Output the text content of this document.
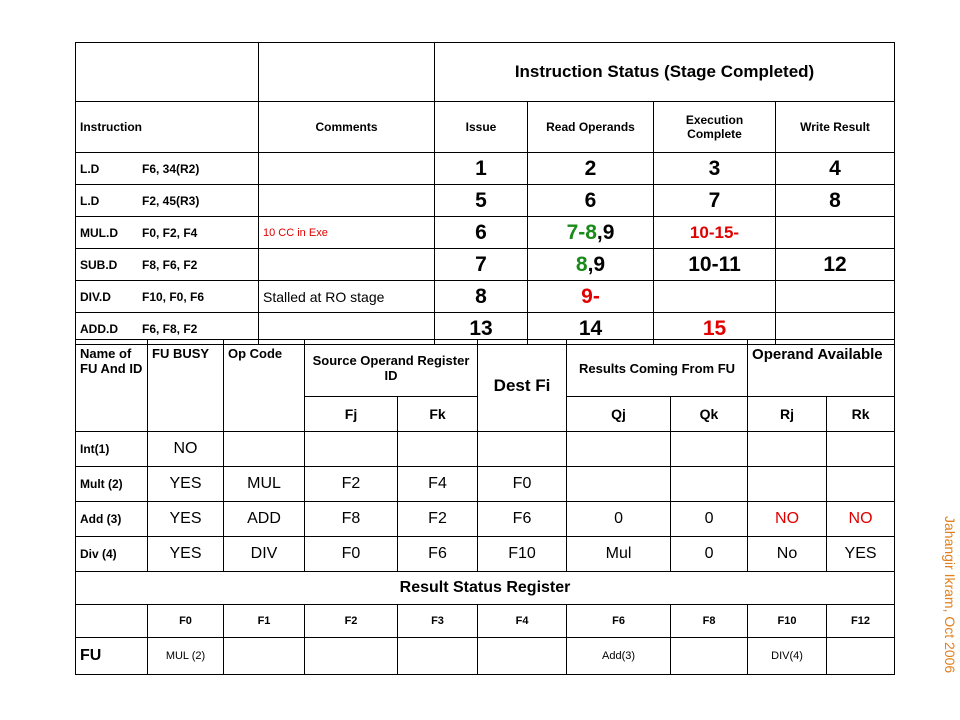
		Instruction Status (Stage Completed)			
Instruction	Comments	Issue	Read Operands	Execution Complete	Write Result
L.D F6, 34(R2)		1	2	3	4
L.D F2, 45(R3)		5	6	7	8
MUL.D F0, F2, F4	10 CC in Exe	6	7-8,9	10-15-	
SUB.D F8, F6, F2		7	8,9	10-11	12
DIV.D F10, F0, F6	Stalled at RO stage	8	9-		
ADD.D F6, F8, F2		13	14	15	
Name of FU And ID	FU BUSY	Op Code	Source Operand Register ID		Dest Fi	Results Coming From FU		Operand Available	
			Fj	Fk		Qj	Qk	Rj	Rk
Int(1)	NO								
Mult (2)	YES	MUL	F2	F4	F0				
Add (3)	YES	ADD	F8	F2	F6	0	0	NO	NO
Div (4)	YES	DIV	F0	F6	F10	Mul	0	No	YES
Result Status Register									
	F0	F1	F2	F3	F4	F6	F8	F10	F12
FU	MUL (2)					Add(3)		DIV(4)		Jahangir Ikram, Oct 2006
